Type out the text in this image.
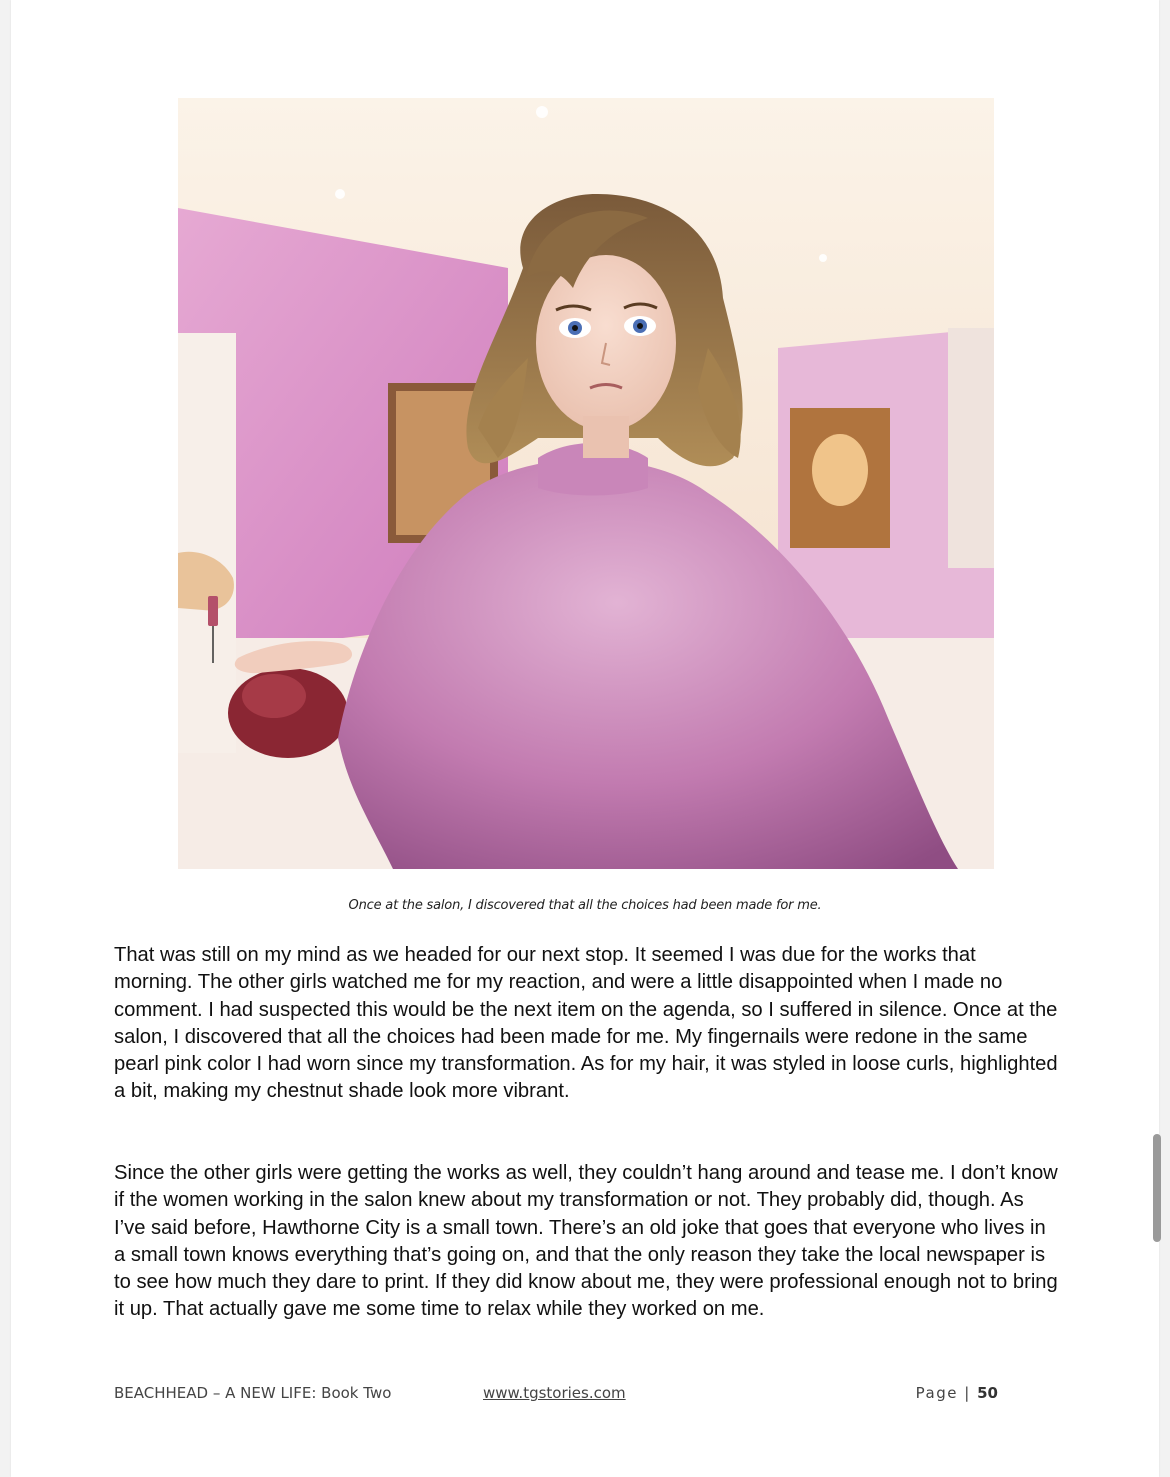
Once at the salon, I discovered that all the choices had been made for me.

That was still on my mind as we headed for our next stop. It seemed I was due for the works that morning. The other girls watched me for my reaction, and were a little disappointed when I made no comment. I had suspected this would be the next item on the agenda, so I suffered in silence. Once at the salon, I discovered that all the choices had been made for me. My fingernails were redone in the same pearl pink color I had worn since my transformation. As for my hair, it was styled in loose curls, highlighted a bit, making my chestnut shade look more vibrant.

Since the other girls were getting the works as well, they couldn’t hang around and tease me. I don’t know if the women working in the salon knew about my transformation or not. They probably did, though. As I’ve said before, Hawthorne City is a small town. There’s an old joke that goes that everyone who lives in a small town knows everything that’s going on, and that the only reason they take the local newspaper is to see how much they dare to print. If they did know about me, they were professional enough not to bring it up. That actually gave me some time to relax while they worked on me.

BEACHHEAD – A NEW LIFE: Book Two	www.tgstories.com	Page | 50
